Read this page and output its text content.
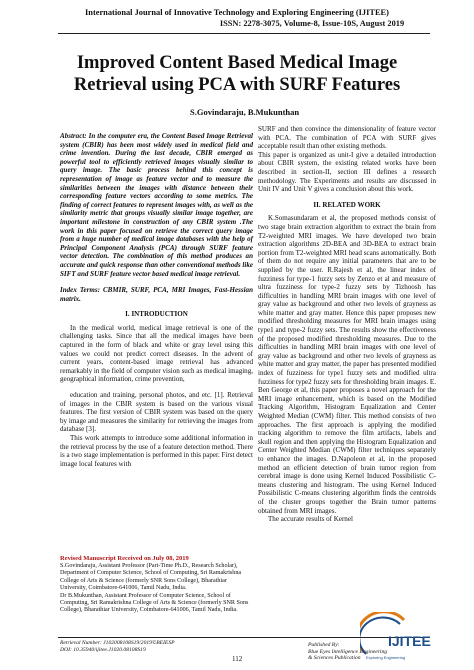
International Journal of Innovative Technology and Exploring Engineering (IJITEE)
ISSN: 2278-3075, Volume-8, Issue-10S, August 2019
Improved Content Based Medical Image Retrieval using PCA with SURF Features
S.Govindaraju, B.Mukunthan

Abstract: In the computer era, the Content Based Image Retrieval system (CBIR) has been most widely used in medical field and crime invention. During the last decade, CBIR emerged as powerful tool to efficiently retrieved images visually similar to query image. The basic process behind this concept is representation of image as feature vector and to measure the similarities between the images with distance between their corresponding feature vectors according to some metrics. The finding of correct features to represent images with, as well as the similarity metric that groups visually similar image together, are important milestone in construction of any CBIR system .The work in this paper focused on retrieve the correct query image from a huge number of medical image databases with the help of Principal Component Analysis (PCA) through SURF feature vector detection. The combination of this method produces an accurate and quick response than other conventional methods like SIFT and SURF feature vector based medical image retrieval.

Index Terms: CBMIR, SURF, PCA, MRI Images, Fast-Hessian matrix.

I. INTRODUCTION

In the medical world, medical image retrieval is one of the challenging tasks. Since that all the medical images have been captured in the form of black and white or gray level using this values we could not predict correct diseases. In the advent of current years, content-based image retrieval has advanced remarkably in the field of computer vision such as medical imaging, geographical information, crime prevention,

education and training, personal photos, and etc. [1]. Retrieval of images in the CBIR system is based on the various visual features. The first version of CBIR system was based on the query by image and measures the similarity for retrieving the images from database [3].

This work attempts to introduce some additional information in the retrieval process by the use of a feature detection method. There is a two stage implementation is performed in this paper. First detect image local features with

SURF and then convince the dimensionality of feature vector with PCA. The combination of PCA with SURF gives acceptable result than other existing methods.

This paper is organized as unit-I give a detailed introduction about CBIR system, the existing related works have been described in section-II, section III defines a research methodology. The Experiments and results are discussed in Unit IV and Unit V gives a conclusion about this work.

II. RELATED WORK

K.Somasundaram et al, the proposed methods consist of two stage brain extraction algorithm to extract the brain from T2-weighted MRI images. We have developed two brain extraction algorithms 2D-BEA and 3D-BEA to extract brain portion from T2-weighted MRI head scans automatically. Both of them do not require any initial parameters that are to be supplied by the user. R.Rajesh et al, the linear index of fuzziness for type-1 fuzzy sets by Zenzo et al and measure of ultra fuzziness for type-2 fuzzy sets by Tizhoosh has difficulties in handling MRI brain images with one level of gray value as background and other two levels of grayness as white matter and gray matter. Hence this paper proposes new modified thresholding measures for MRI brain images using type1 and type-2 fuzzy sets. The results show the effectiveness of the proposed modified thresholding measures. Due to the difficulties in handling MRI brain images with one level of gray value as background and other two levels of grayness as white matter and gray matter, the paper has presented modified index of fuzziness for type1 fuzzy sets and modified ultra fuzziness for type2 fuzzy sets for thresholding brain images. E. Ben George et al, this paper proposes a novel approach for the MRI image enhancement, which is based on the Modified Tracking Algorithm, Histogram Equalization and Center Weighted Median (CWM) filter. This method consists of two approaches. The first approach is applying the modified tracking algorithm to remove the film artifacts, labels and skull region and then applying the Histogram Equalization and Center Weighted Median (CWM) filter techniques separately to enhance the images. D.Napoleon et al, in the proposed method an efficient detection of brain tumor region from cerebral image is done using Kernel Induced Possibilistic C-means clustering and histogram. The using Kernel Induced Possibilistic C-means clustering algorithm finds the centroids of the cluster groups together the Brain tumor patterns obtained from MRI images.

The accurate results of Kernel

Revised Manuscript Received on July 08, 2019

S.Govindaraju, Assistant Professor (Part-Time Ph.D., Research Scholar), Department of Computer Science, School of Computing, Sri Ramakrishna College of Arts & Science (formerly SNR Sons College), Bharathiar University, Coimbatore-641006, Tamil Nadu, India.

Dr B.Mukunthan, Assistant Professor of Computer Science, School of Computing, Sri Ramakrishna College of Arts & Science (formerly SNR Sons College), Bharathiar University, Coimbatore-641006, Tamil Nadu, India.

Retrieval Number: J102008108S19/2019©BEIESP
DOI: 10.35940/ijitee.J1020.08108S19
112
Published By:
Blue Eyes Intelligence Engineering
& Sciences Publication	Exploring Engineering
IJITEE
